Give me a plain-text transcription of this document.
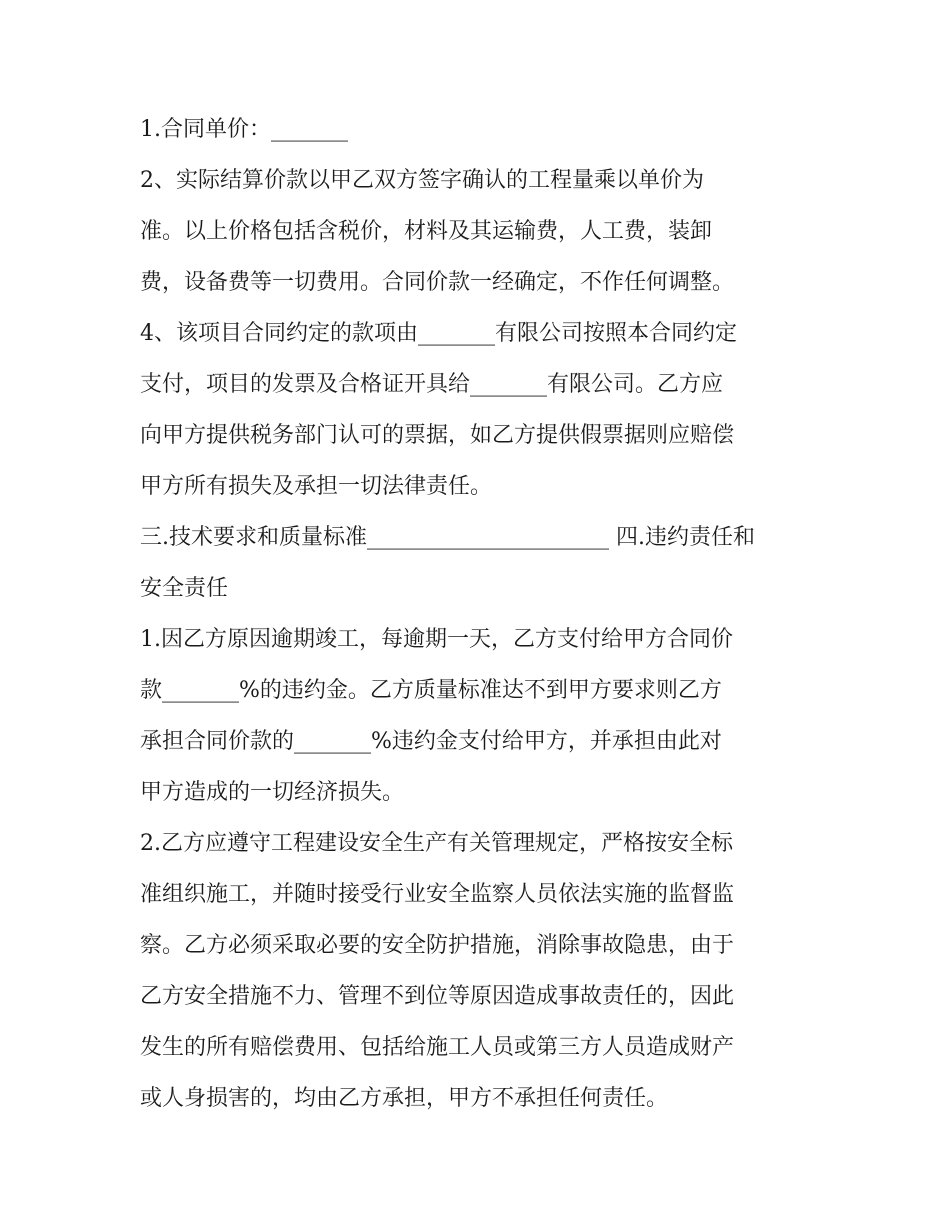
1.合同单价：_______
2、实际结算价款以甲乙双方签字确认的工程量乘以单价为
准。以上价格包括含税价，材料及其运输费，人工费，装卸
费，设备费等一切费用。合同价款一经确定，不作任何调整。
4、该项目合同约定的款项由_______有限公司按照本合同约定
支付，项目的发票及合格证开具给_______有限公司。乙方应
向甲方提供税务部门认可的票据，如乙方提供假票据则应赔偿
甲方所有损失及承担一切法律责任。
三.技术要求和质量标准______________________ 四.违约责任和
安全责任
1.因乙方原因逾期竣工，每逾期一天，乙方支付给甲方合同价
款_______%的违约金。乙方质量标准达不到甲方要求则乙方
承担合同价款的_______%违约金支付给甲方，并承担由此对
甲方造成的一切经济损失。
2.乙方应遵守工程建设安全生产有关管理规定，严格按安全标
准组织施工，并随时接受行业安全监察人员依法实施的监督监
察。乙方必须采取必要的安全防护措施，消除事故隐患，由于
乙方安全措施不力、管理不到位等原因造成事故责任的，因此
发生的所有赔偿费用、包括给施工人员或第三方人员造成财产
或人身损害的，均由乙方承担，甲方不承担任何责任。
